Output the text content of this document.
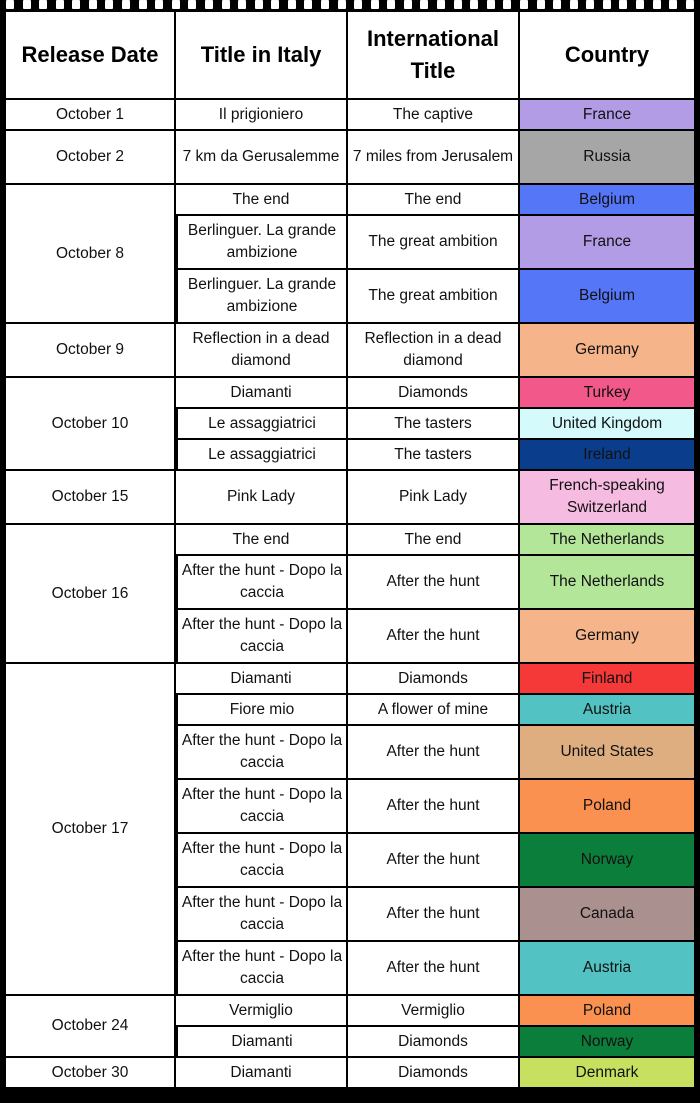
Release Date	Title in Italy	International Title	Country
October 1	Il prigioniero	The captive	France
October 2	7 km da Gerusalemme	7 miles from Jerusalem	Russia
October 8	The end	The end	Belgium
	Berlinguer. La grande ambizione	The great ambition	France
	Berlinguer. La grande ambizione	The great ambition	Belgium
October 9	Reflection in a dead diamond	Reflection in a dead diamond	Germany
October 10	Diamanti	Diamonds	Turkey
	Le assaggiatrici	The tasters	United Kingdom
	Le assaggiatrici	The tasters	Ireland
October 15	Pink Lady	Pink Lady	French-speaking Switzerland
October 16	The end	The end	The Netherlands
	After the hunt - Dopo la caccia	After the hunt	The Netherlands
	After the hunt - Dopo la caccia	After the hunt	Germany
October 17	Diamanti	Diamonds	Finland
	Fiore mio	A flower of mine	Austria
	After the hunt - Dopo la caccia	After the hunt	United States
	After the hunt - Dopo la caccia	After the hunt	Poland
	After the hunt - Dopo la caccia	After the hunt	Norway
	After the hunt - Dopo la caccia	After the hunt	Canada
	After the hunt - Dopo la caccia	After the hunt	Austria
October 24	Vermiglio	Vermiglio	Poland
	Diamanti	Diamonds	Norway
October 30	Diamanti	Diamonds	Denmark
